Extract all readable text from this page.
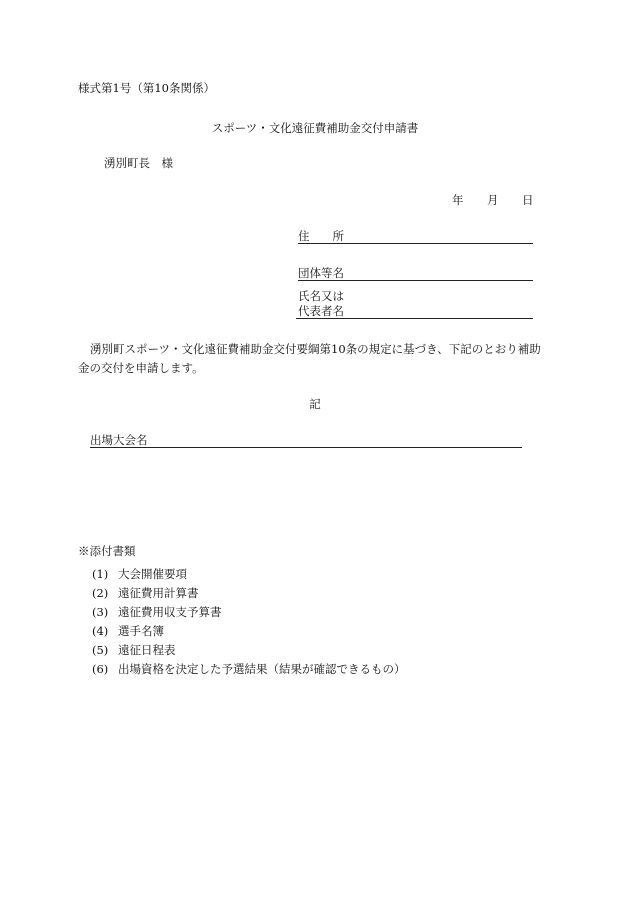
様式第1号（第10条関係）
スポーツ・文化遠征費補助金交付申請書
湧別町長　様
年 月 日
住　　所
団体等名
氏名又は
代表者名
湧別町スポーツ・文化遠征費補助金交付要綱第10条の規定に基づき、下記のとおり補助金の交付を申請します。
記
出場大会名
※添付書類
(1) 大会開催要項
(2) 遠征費用計算書
(3) 遠征費用収支予算書
(4) 選手名簿
(5) 遠征日程表
(6) 出場資格を決定した予選結果（結果が確認できるもの）
